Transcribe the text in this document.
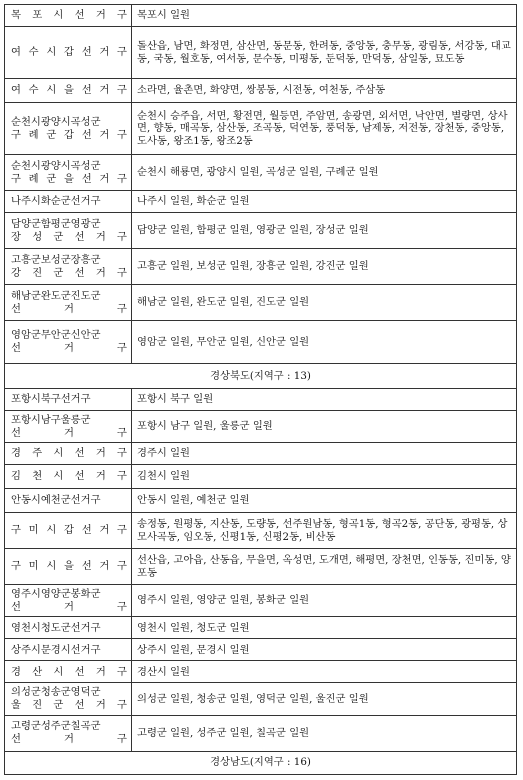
목 포 시 선 거 구	목포시 일원

여 수 시 갑 선 거 구	돌산읍, 남면, 화정면, 삼산면, 동문동, 한려동, 중앙동, 충무동, 광림동, 서강동, 대교동, 국동, 월호동, 여서동, 문수동, 미평동, 둔덕동, 만덕동, 삼일동, 묘도동

여 수 시 을 선 거 구	소라면, 율촌면, 화양면, 쌍봉동, 시전동, 여천동, 주삼동

순천시광양시곡성군
구 례 군 갑 선 거 구	순천시 승주읍, 서면, 황전면, 월등면, 주암면, 송광면, 외서면, 낙안면, 별량면, 상사면, 향동, 매곡동, 삼산동, 조곡동, 덕연동, 풍덕동, 남제동, 저전동, 장천동, 중앙동, 도사동, 왕조1동, 왕조2동

순천시광양시곡성군
구 례 군 을 선 거 구	순천시 해룡면, 광양시 일원, 곡성군 일원, 구례군 일원

나주시화순군선거구	나주시 일원, 화순군 일원

담양군함평군영광군
장 성 군 선 거 구	담양군 일원, 함평군 일원, 영광군 일원, 장성군 일원

고흥군보성군장흥군
강 진 군 선 거 구	고흥군 일원, 보성군 일원, 장흥군 일원, 강진군 일원

해남군완도군진도군
선 거 구	해남군 일원, 완도군 일원, 진도군 일원

영암군무안군신안군
선 거 구	영암군 일원, 무안군 일원, 신안군 일원
경상북도(지역구 : 13)	

포항시북구선거구	포항시 북구 일원

포항시남구울릉군
선 거 구	포항시 남구 일원, 울릉군 일원

경 주 시 선 거 구	경주시 일원

김 천 시 선 거 구	김천시 일원

안동시예천군선거구	안동시 일원, 예천군 일원

구 미 시 갑 선 거 구	송정동, 원평동, 지산동, 도량동, 선주원남동, 형곡1동, 형곡2동, 공단동, 광평동, 상모사곡동, 임오동, 신평1동, 신평2동, 비산동

구 미 시 을 선 거 구	선산읍, 고아읍, 산동읍, 무을면, 옥성면, 도개면, 해평면, 장천면, 인동동, 진미동, 양포동

영주시영양군봉화군
선 거 구	영주시 일원, 영양군 일원, 봉화군 일원

영천시청도군선거구	영천시 일원, 청도군 일원

상주시문경시선거구	상주시 일원, 문경시 일원

경 산 시 선 거 구	경산시 일원

의성군청송군영덕군
울 진 군 선 거 구	의성군 일원, 청송군 일원, 영덕군 일원, 울진군 일원

고령군성주군칠곡군
선 거 구	고령군 일원, 성주군 일원, 칠곡군 일원
경상남도(지역구 : 16)	
